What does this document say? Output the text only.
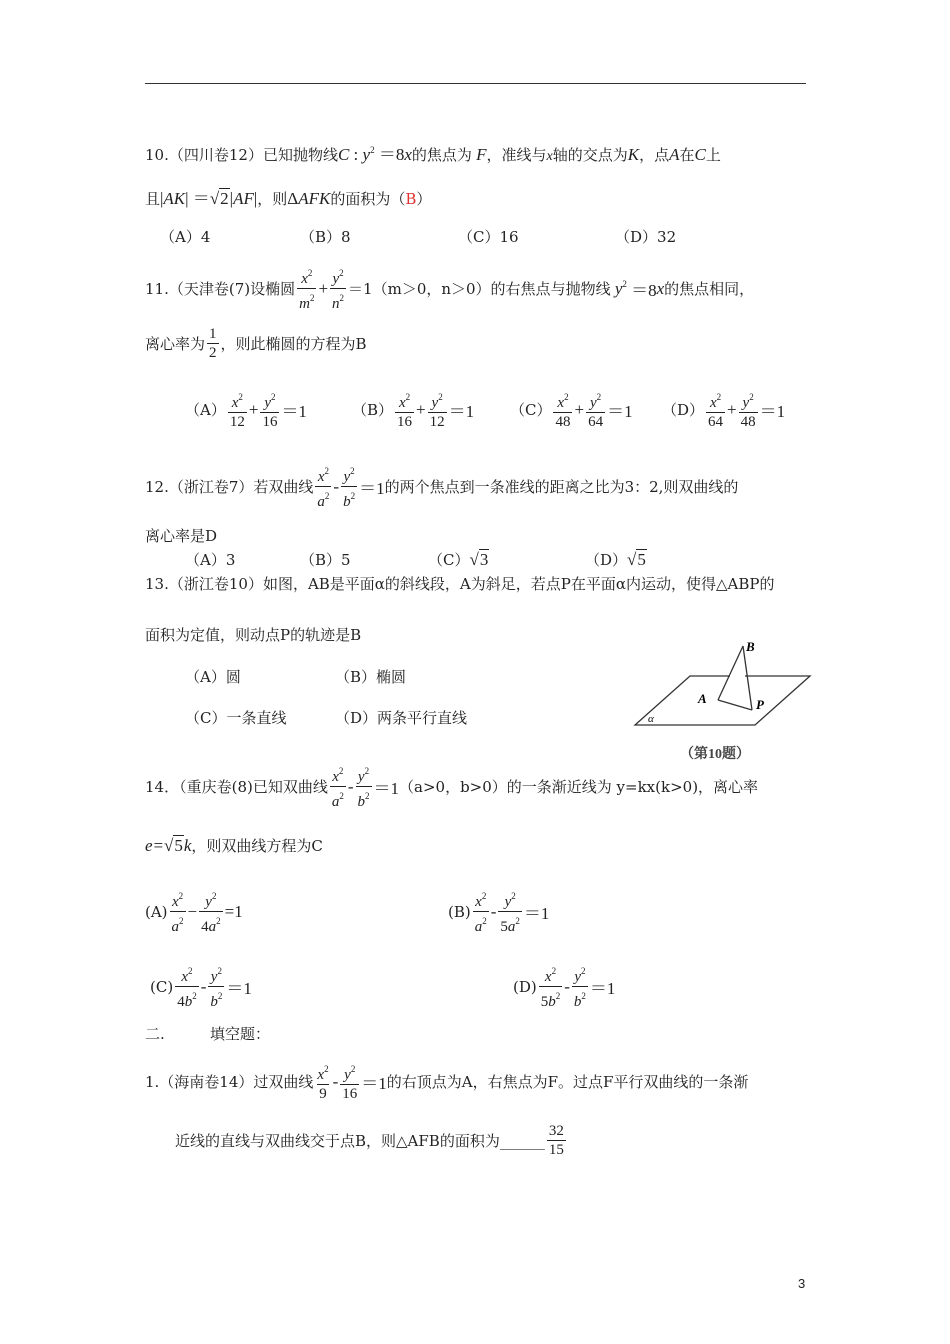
10.（四川卷12）已知抛物线C : $y^2 =8x$的焦点为 F，准线与x轴的交点为K，点A在C上
且|AK| ＝√2|AF|，则ΔAFK的面积为（B）
（A）4	（B）8	（C）16	（D）32
11.（天津卷(7)设椭圆 $\frac{x^2}{m^2} + \frac{y^2}{n^2} =1(m>0$，n＞0）的右焦点与抛物线 $y^2 =8$ x 的焦点相同，
离心率为 $\frac{1}{2}$ ，则此椭圆的方程为B
$(A) \frac{x^2}{12} + \frac{y^2}{16} =1$	$(B) \frac{x^2}{16} + \frac{y^2}{12} =1$ $(C) \frac{x^2}{48} + \frac{y^2}{64} =1$ $(D) \frac{x^2}{64} + \frac{y^2}{48} =1$
12.（浙江卷7）若双曲线 $\frac{x^2}{a^2} - \frac{y^2}{b^2} =1$ 的两个焦点到一条准线的距离之比为3：2,则双曲线的
离心率是D
（A）3	（B）5	（C）√3	（D）√5
13.（浙江卷10）如图，AB是平面α的斜线段，A为斜足，若点P在平面α内运动，使得△ABP的
面积为定值，则动点P的轨迹是B
（A）圆	（B）椭圆
（C）一条直线	（D）两条平行直线
B
A	P
α
（第10题）
14．（重庆卷(8)已知双曲线 $\frac{x^2}{a^2} - \frac{y^2}{b^2} =1$ （a>0，b>0）的一条渐近线为 y=kx(k>0)，离心率
e=√5k，则双曲线方程为C
$(A) \frac{x^2}{a^2} - \frac{y^2}{4a^2} =1$	$(B) \frac{x^2}{a^2} - \frac{y^2}{5a^2} =1$
$(C) \frac{x^2}{4b^2} - \frac{y^2}{b^2} =1$	$(D) \frac{x^2}{5b^2} - \frac{y^2}{b^2} =1$
二.	填空题：
1.（海南卷14）过双曲线 $\frac{x^2}{9} - \frac{y^2}{16} =1$ 的右顶点为A，右焦点为F。过点F平行双曲线的一条渐
近线的直线与双曲线交于点B，则△AFB的面积为 ______ $\frac{32}{15}$
3
